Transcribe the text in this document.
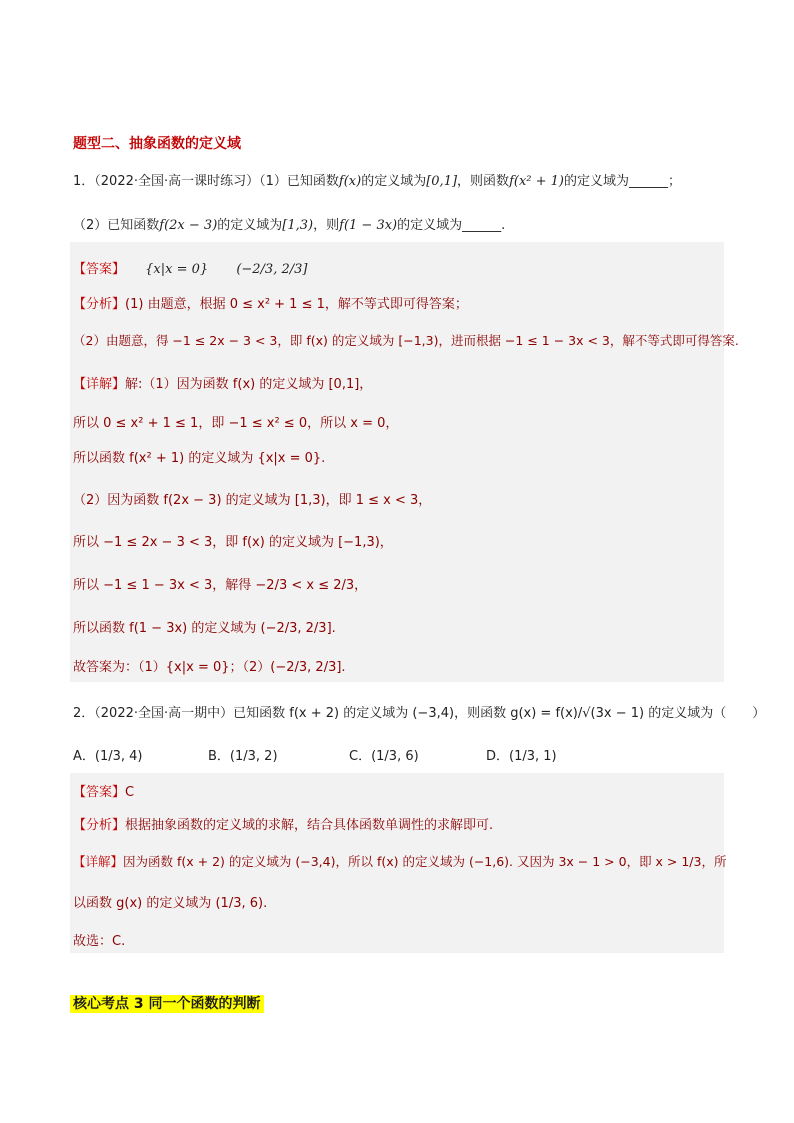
题型二、抽象函数的定义域
1．（2022·全国·高一课时练习）（1）已知函数f(x)的定义域为[0,1]，则函数f(x² + 1)的定义域为______；
（2）已知函数f(2x − 3)的定义域为[1,3)，则f(1 − 3x)的定义域为______.
【答案】 {x|x = 0} (−2/3, 2/3]
【分析】(1) 由题意，根据 0 ≤ x² + 1 ≤ 1，解不等式即可得答案；
（2）由题意，得 −1 ≤ 2x − 3 < 3，即 f(x) 的定义域为 [−1,3)，进而根据 −1 ≤ 1 − 3x < 3，解不等式即可得答案.
【详解】解:（1）因为函数 f(x) 的定义域为 [0,1]，
所以 0 ≤ x² + 1 ≤ 1，即 −1 ≤ x² ≤ 0，所以 x = 0，
所以函数 f(x² + 1) 的定义域为 {x|x = 0}.
（2）因为函数 f(2x − 3) 的定义域为 [1,3)，即 1 ≤ x < 3，
所以 −1 ≤ 2x − 3 < 3，即 f(x) 的定义域为 [−1,3)，
所以 −1 ≤ 1 − 3x < 3，解得 −2/3 < x ≤ 2/3，
所以函数 f(1 − 3x) 的定义域为 (−2/3, 2/3].
故答案为：（1）{x|x = 0}；（2）(−2/3, 2/3].
2．（2022·全国·高一期中）已知函数 f(x + 2) 的定义域为 (−3,4)，则函数 g(x) = f(x)/√(3x − 1) 的定义域为（　　）
A．(1/3, 4)	B．(1/3, 2)	C．(1/3, 6)	D．(1/3, 1)
【答案】C
【分析】根据抽象函数的定义域的求解，结合具体函数单调性的求解即可.
【详解】因为函数 f(x + 2) 的定义域为 (−3,4)，所以 f(x) 的定义域为 (−1,6). 又因为 3x − 1 > 0，即 x > 1/3，所
以函数 g(x) 的定义域为 (1/3, 6).
故选：C.
核心考点 3 同一个函数的判断
